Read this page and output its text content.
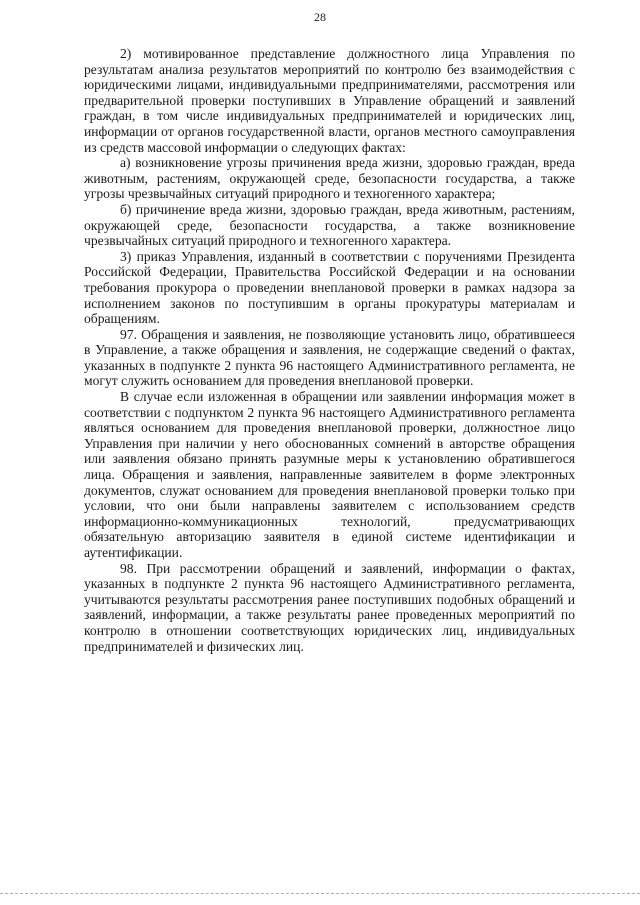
28

2) мотивированное представление должностного лица Управления по результатам анализа результатов мероприятий по контролю без взаимодействия с юридическими лицами, индивидуальными предпринимателями, рассмотрения или предварительной проверки поступивших в Управление обращений и заявлений граждан, в том числе индивидуальных предпринимателей и юридических лиц, информации от органов государственной власти, органов местного самоуправления из средств массовой информации о следующих фактах:

а) возникновение угрозы причинения вреда жизни, здоровью граждан, вреда животным, растениям, окружающей среде, безопасности государства, а также угрозы чрезвычайных ситуаций природного и техногенного характера;

б) причинение вреда жизни, здоровью граждан, вреда животным, растениям, окружающей среде, безопасности государства, а также возникновение чрезвычайных ситуаций природного и техногенного характера.

3) приказ Управления, изданный в соответствии с поручениями Президента Российской Федерации, Правительства Российской Федерации и на основании требования прокурора о проведении внеплановой проверки в рамках надзора за исполнением законов по поступившим в органы прокуратуры материалам и обращениям.

97. Обращения и заявления, не позволяющие установить лицо, обратившееся в Управление, а также обращения и заявления, не содержащие сведений о фактах, указанных в подпункте 2 пункта 96 настоящего Административного регламента, не могут служить основанием для проведения внеплановой проверки.

В случае если изложенная в обращении или заявлении информация может в соответствии с подпунктом 2 пункта 96 настоящего Административного регламента являться основанием для проведения внеплановой проверки, должностное лицо Управления при наличии у него обоснованных сомнений в авторстве обращения или заявления обязано принять разумные меры к установлению обратившегося лица. Обращения и заявления, направленные заявителем в форме электронных документов, служат основанием для проведения внеплановой проверки только при условии, что они были направлены заявителем с использованием средств информационно-коммуникационных технологий, предусматривающих обязательную авторизацию заявителя в единой системе идентификации и аутентификации.

98. При рассмотрении обращений и заявлений, информации о фактах, указанных в подпункте 2 пункта 96 настоящего Административного регламента, учитываются результаты рассмотрения ранее поступивших подобных обращений и заявлений, информации, а также результаты ранее проведенных мероприятий по контролю в отношении соответствующих юридических лиц, индивидуальных предпринимателей и физических лиц.
